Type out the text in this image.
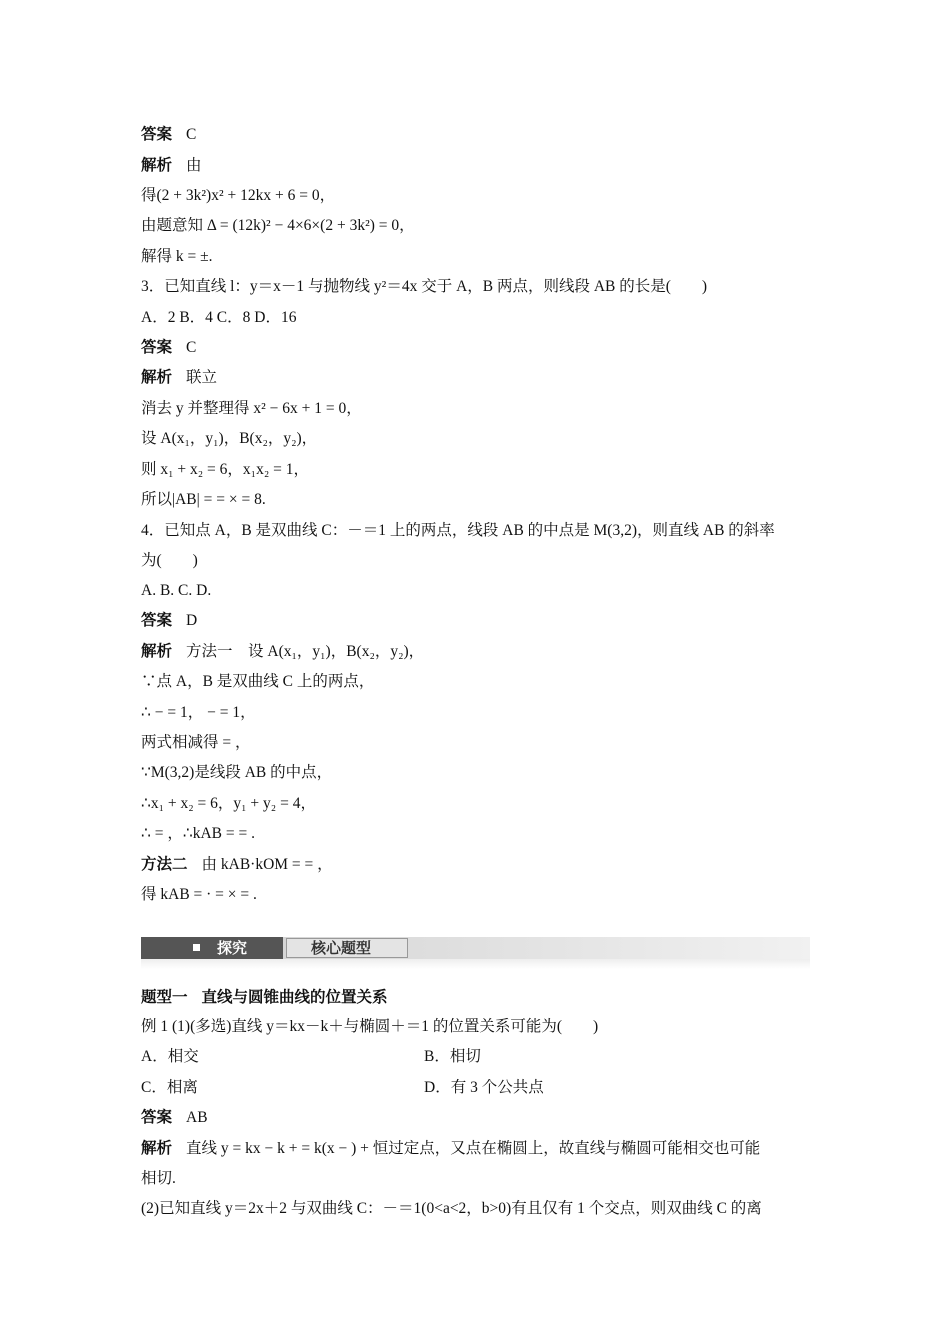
答案 C
解析 由
得(2 + 3k²)x² + 12kx + 6 = 0，
由题意知 Δ = (12k)² − 4×6×(2 + 3k²) = 0，
解得 k = ±.
3．已知直线 l：y＝x－1 与抛物线 y²＝4x 交于 A，B 两点，则线段 AB 的长是(　　)
A．2 B．4 C．8 D．16
答案 C
解析 联立
消去 y 并整理得 x² − 6x + 1 = 0，
设 A(x₁，y₁)，B(x₂，y₂)，
则 x₁ + x₂ = 6，x₁x₂ = 1，
所以|AB| = = × = 8.
4．已知点 A，B 是双曲线 C：－＝1 上的两点，线段 AB 的中点是 M(3,2)，则直线 AB 的斜率
为(　　)
A. B. C. D.
答案 D
解析 方法一　设 A(x₁，y₁)，B(x₂，y₂)，
∵点 A，B 是双曲线 C 上的两点，
∴ − = 1， − = 1，
两式相减得 = ，
∵M(3,2)是线段 AB 的中点，
∴x₁ + x₂ = 6，y₁ + y₂ = 4，
∴ = ，∴kAB = = .
方法二 由 kAB·kOM = = ，
得 kAB = · = × = .
探究	核心题型
题型一 直线与圆锥曲线的位置关系
例 1 (1)(多选)直线 y＝kx－k＋与椭圆＋＝1 的位置关系可能为(　　)
A．相交	B．相切
C．相离	D．有 3 个公共点
答案 AB
解析 直线 y = kx − k + = k(x − ) + 恒过定点，又点在椭圆上，故直线与椭圆可能相交也可能
相切.
(2)已知直线 y＝2x＋2 与双曲线 C：－＝1(0<a<2，b>0)有且仅有 1 个交点，则双曲线 C 的离
